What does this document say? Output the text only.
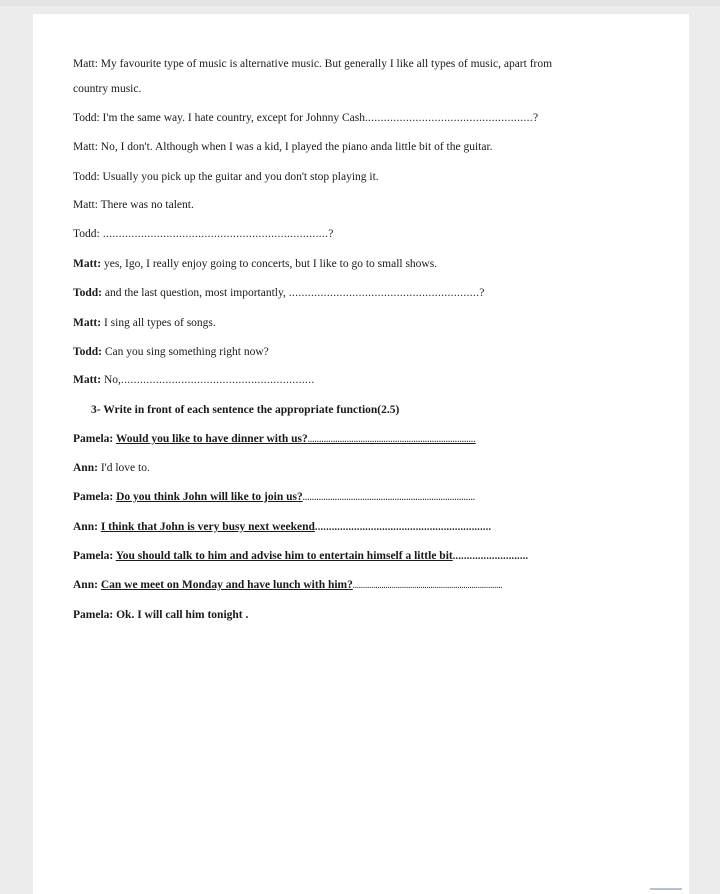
Matt: My favourite type of music is alternative music. But generally I like all types of music, apart from
country music.
Todd: I'm the same way. I hate country, except for Johnny Cash.....................................................?
Matt: No, I don't. Although when I was a kid, I played the piano anda little bit of the guitar.
Todd: Usually you pick up the guitar and you don't stop playing it.
Matt: There was no talent.
Todd: .......................................................................?
Matt: yes, Igo, I really enjoy going to concerts, but I like to go to small shows.
Todd: and the last question, most importantly, ............................................................?
Matt: I sing all types of songs.
Todd: Can you sing something right now?
Matt: No,.............................................................
3- Write in front of each sentence the appropriate function(2.5)
Pamela: Would you like to have dinner with us?.........................................................................
Ann: I'd love to.
Pamela: Do you think John will like to join us?...........................................................................
Ann: I think that John is very busy next weekend...............................................................
Pamela: You should talk to him and advise him to entertain himself a little bit...........................
Ann: Can we meet on Monday and have lunch with him?.........................................................................
Pamela: Ok. I will call him tonight .
